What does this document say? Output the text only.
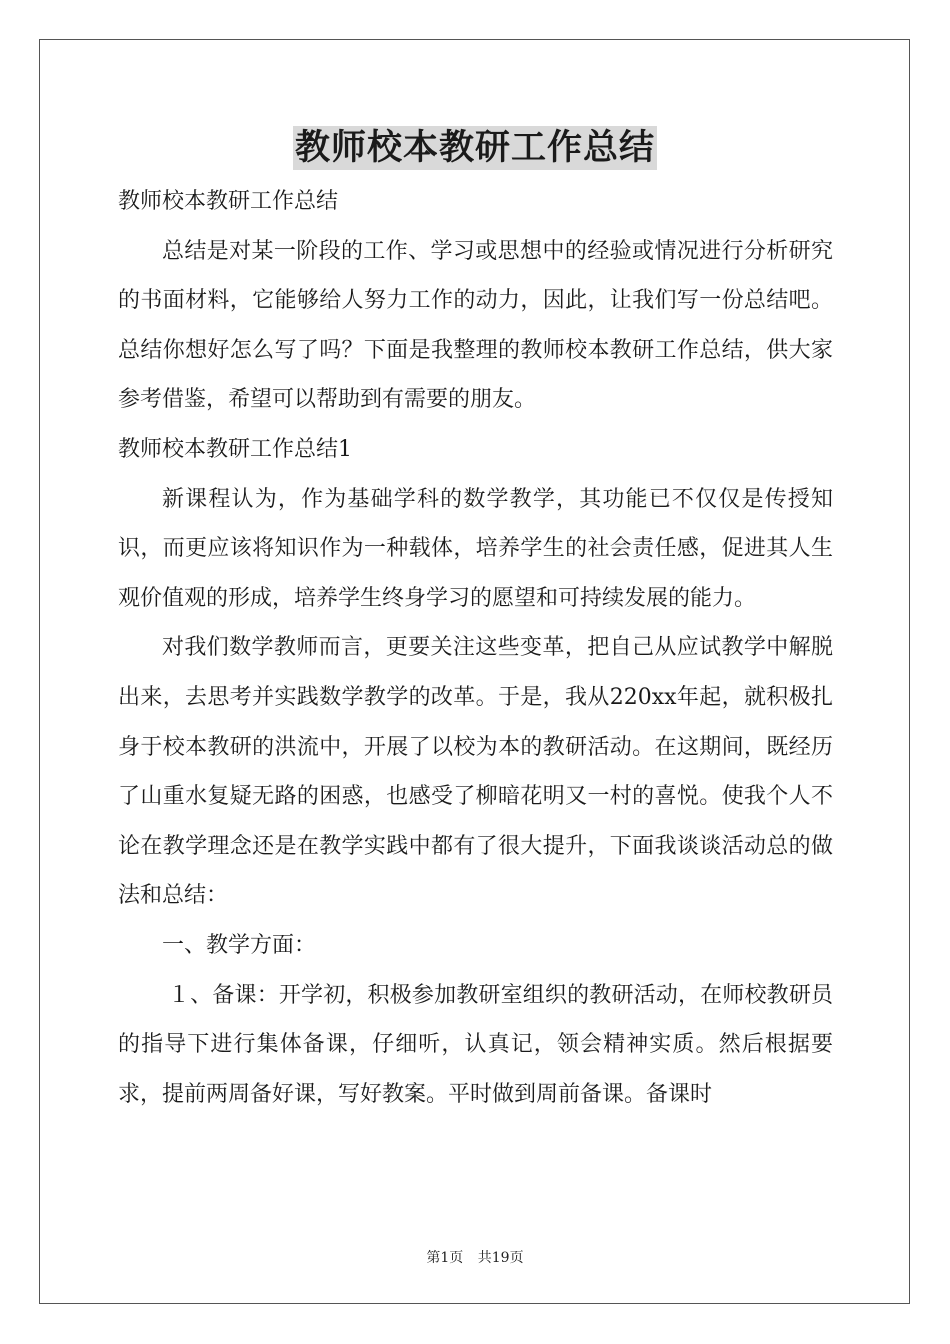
教师校本教研工作总结

教师校本教研工作总结

总结是对某一阶段的工作、学习或思想中的经验或情况进行分析研究的书面材料，它能够给人努力工作的动力，因此，让我们写一份总结吧。总结你想好怎么写了吗？下面是我整理的教师校本教研工作总结，供大家参考借鉴，希望可以帮助到有需要的朋友。

教师校本教研工作总结1

新课程认为，作为基础学科的数学教学，其功能已不仅仅是传授知识，而更应该将知识作为一种载体，培养学生的社会责任感，促进其人生观价值观的形成，培养学生终身学习的愿望和可持续发展的能力。

对我们数学教师而言，更要关注这些变革，把自己从应试教学中解脱出来，去思考并实践数学教学的改革。于是，我从220xx年起，就积极扎身于校本教研的洪流中，开展了以校为本的教研活动。在这期间，既经历了山重水复疑无路的困惑，也感受了柳暗花明又一村的喜悦。使我个人不论在教学理念还是在教学实践中都有了很大提升，下面我谈谈活动总的做法和总结：

一、教学方面：

１、备课：开学初，积极参加教研室组织的教研活动，在师校教研员的指导下进行集体备课，仔细听，认真记，领会精神实质。然后根据要求，提前两周备好课，写好教案。平时做到周前备课。备课时

第1页 共19页
